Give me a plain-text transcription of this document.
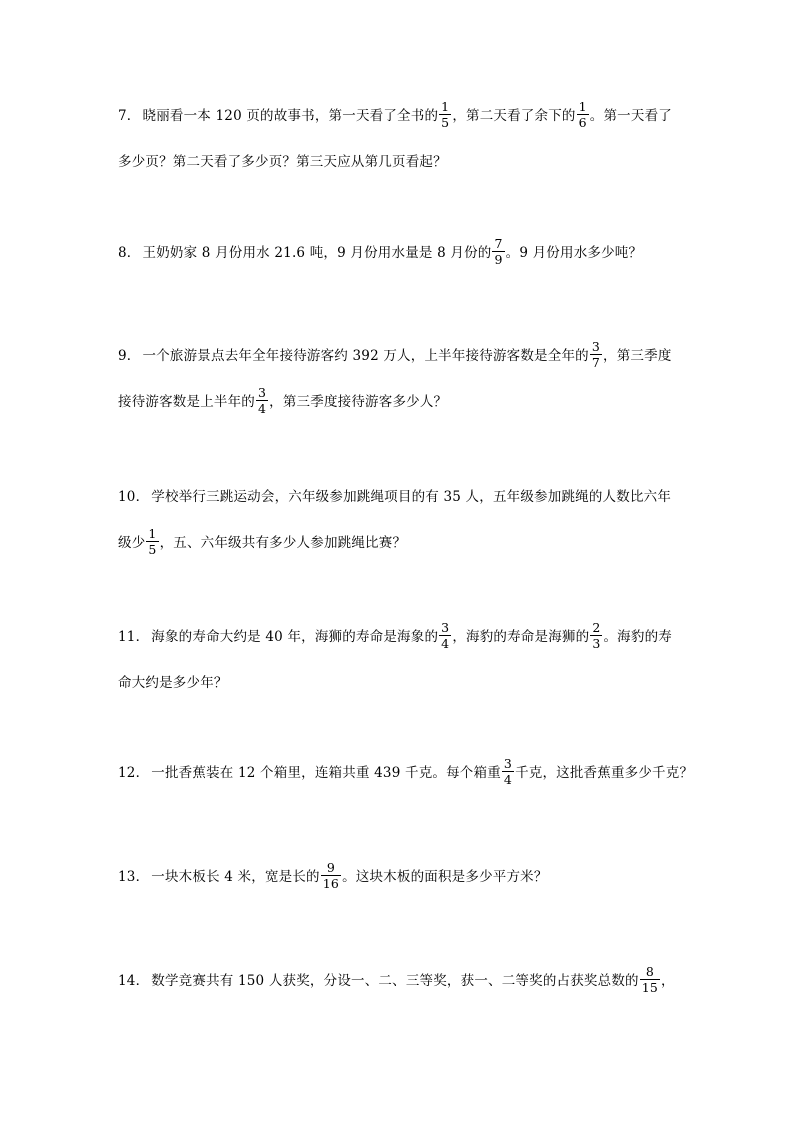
7． 晓丽看一本 120 页的故事书，第一天看了全书的 $\frac{1}{5}$ ，第二天看了余下的 $\frac{1}{6}$ 。第一天看了

多少页？第二天看了多少页？第三天应从第几页看起？

8． 王奶奶家 8 月份用水 21.6 吨，9 月份用水量是 8 月份的 $\frac{7}{9}$ 。9 月份用水多少吨？

9． 一个旅游景点去年全年接待游客约 392 万人，上半年接待游客数是全年的 $\frac{3}{7}$ ，第三季度

接待游客数是上半年的 $\frac{3}{4}$ ，第三季度接待游客多少人？

10． 学校举行三跳运动会，六年级参加跳绳项目的有 35 人，五年级参加跳绳的人数比六年

级少 $\frac{1}{5}$ ，五、六年级共有多少人参加跳绳比赛？

11． 海象的寿命大约是 40 年，海狮的寿命是海象的 $\frac{3}{4}$ ，海豹的寿命是海狮的 $\frac{2}{3}$ 。海豹的寿

命大约是多少年？

12． 一批香蕉装在 12 个箱里，连箱共重 439 千克。每个箱重 $\frac{3}{4}$ 千克，这批香蕉重多少千克？

13． 一块木板长 4 米，宽是长的 $\frac{9}{16}$ 。这块木板的面积是多少平方米？

14． 数学竞赛共有 150 人获奖，分设一、二、三等奖，获一、二等奖的占获奖总数的 $\frac{8}{15}$ ，
